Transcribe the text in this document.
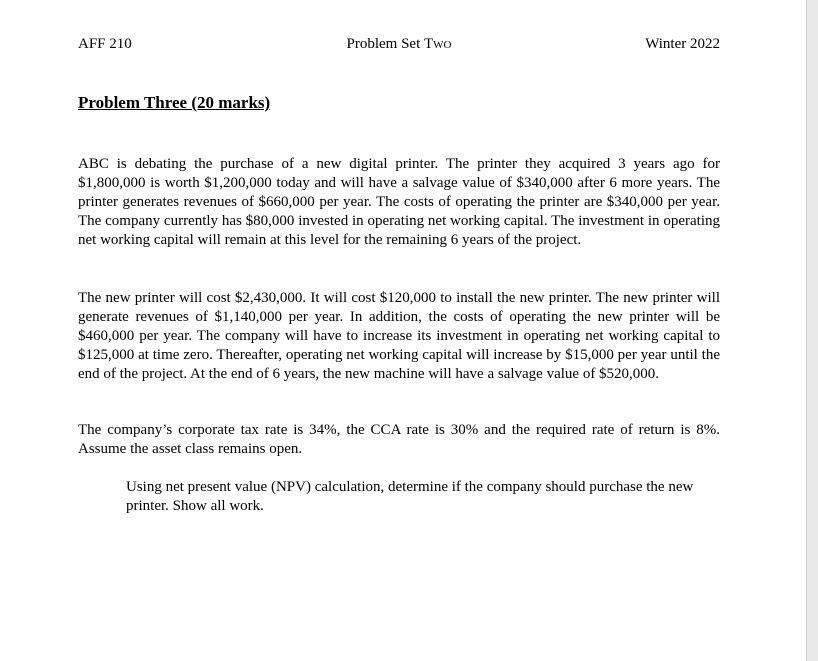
AFF 210	Problem Set Two	Winter 2022
Problem Three (20 marks)

ABC is debating the purchase of a new digital printer. The printer they acquired 3 years ago for $1,800,000 is worth $1,200,000 today and will have a salvage value of $340,000 after 6 more years. The printer generates revenues of $660,000 per year. The costs of operating the printer are $340,000 per year. The company currently has $80,000 invested in operating net working capital. The investment in operating net working capital will remain at this level for the remaining 6 years of the project.

The new printer will cost $2,430,000. It will cost $120,000 to install the new printer. The new printer will generate revenues of $1,140,000 per year. In addition, the costs of operating the new printer will be $460,000 per year. The company will have to increase its investment in operating net working capital to $125,000 at time zero. Thereafter, operating net working capital will increase by $15,000 per year until the end of the project. At the end of 6 years, the new machine will have a salvage value of $520,000.

The company’s corporate tax rate is 34%, the CCA rate is 30% and the required rate of return is 8%. Assume the asset class remains open.

Using net present value (NPV) calculation, determine if the company should purchase the new printer. Show all work.
